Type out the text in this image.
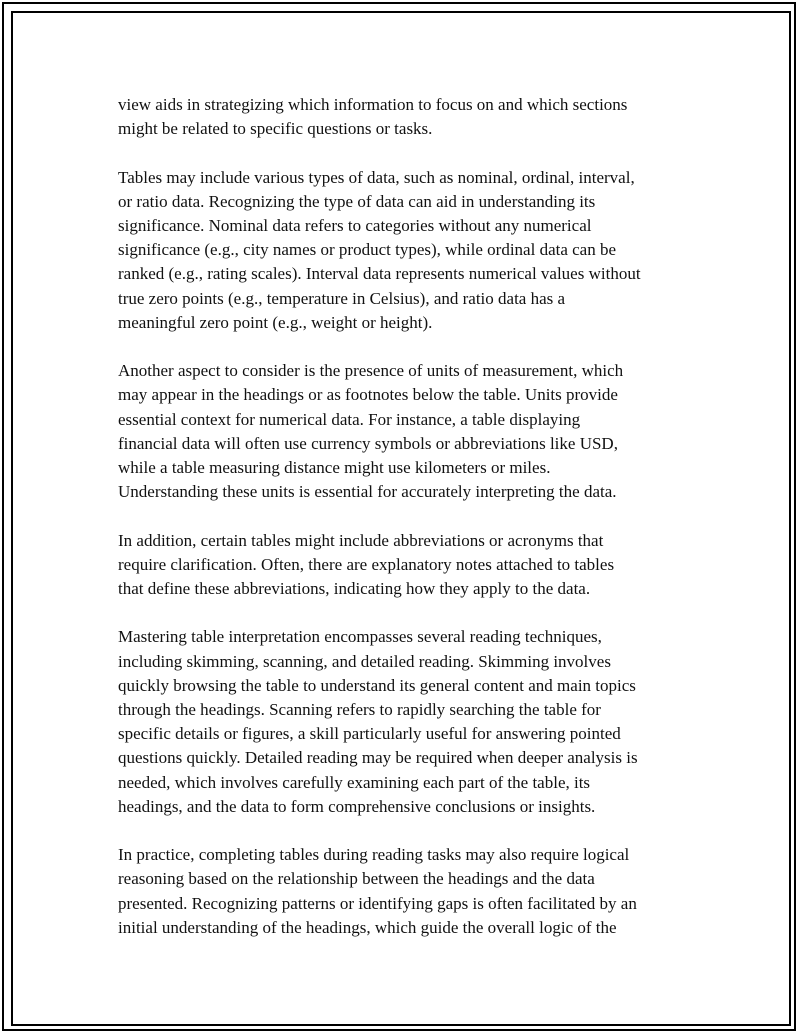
view aids in strategizing which information to focus on and which sections
might be related to specific questions or tasks.

Tables may include various types of data, such as nominal, ordinal, interval,
or ratio data. Recognizing the type of data can aid in understanding its
significance. Nominal data refers to categories without any numerical
significance (e.g., city names or product types), while ordinal data can be
ranked (e.g., rating scales). Interval data represents numerical values without
true zero points (e.g., temperature in Celsius), and ratio data has a
meaningful zero point (e.g., weight or height).

Another aspect to consider is the presence of units of measurement, which
may appear in the headings or as footnotes below the table. Units provide
essential context for numerical data. For instance, a table displaying
financial data will often use currency symbols or abbreviations like USD,
while a table measuring distance might use kilometers or miles.
Understanding these units is essential for accurately interpreting the data.

In addition, certain tables might include abbreviations or acronyms that
require clarification. Often, there are explanatory notes attached to tables
that define these abbreviations, indicating how they apply to the data.

Mastering table interpretation encompasses several reading techniques,
including skimming, scanning, and detailed reading. Skimming involves
quickly browsing the table to understand its general content and main topics
through the headings. Scanning refers to rapidly searching the table for
specific details or figures, a skill particularly useful for answering pointed
questions quickly. Detailed reading may be required when deeper analysis is
needed, which involves carefully examining each part of the table, its
headings, and the data to form comprehensive conclusions or insights.

In practice, completing tables during reading tasks may also require logical
reasoning based on the relationship between the headings and the data
presented. Recognizing patterns or identifying gaps is often facilitated by an
initial understanding of the headings, which guide the overall logic of the
